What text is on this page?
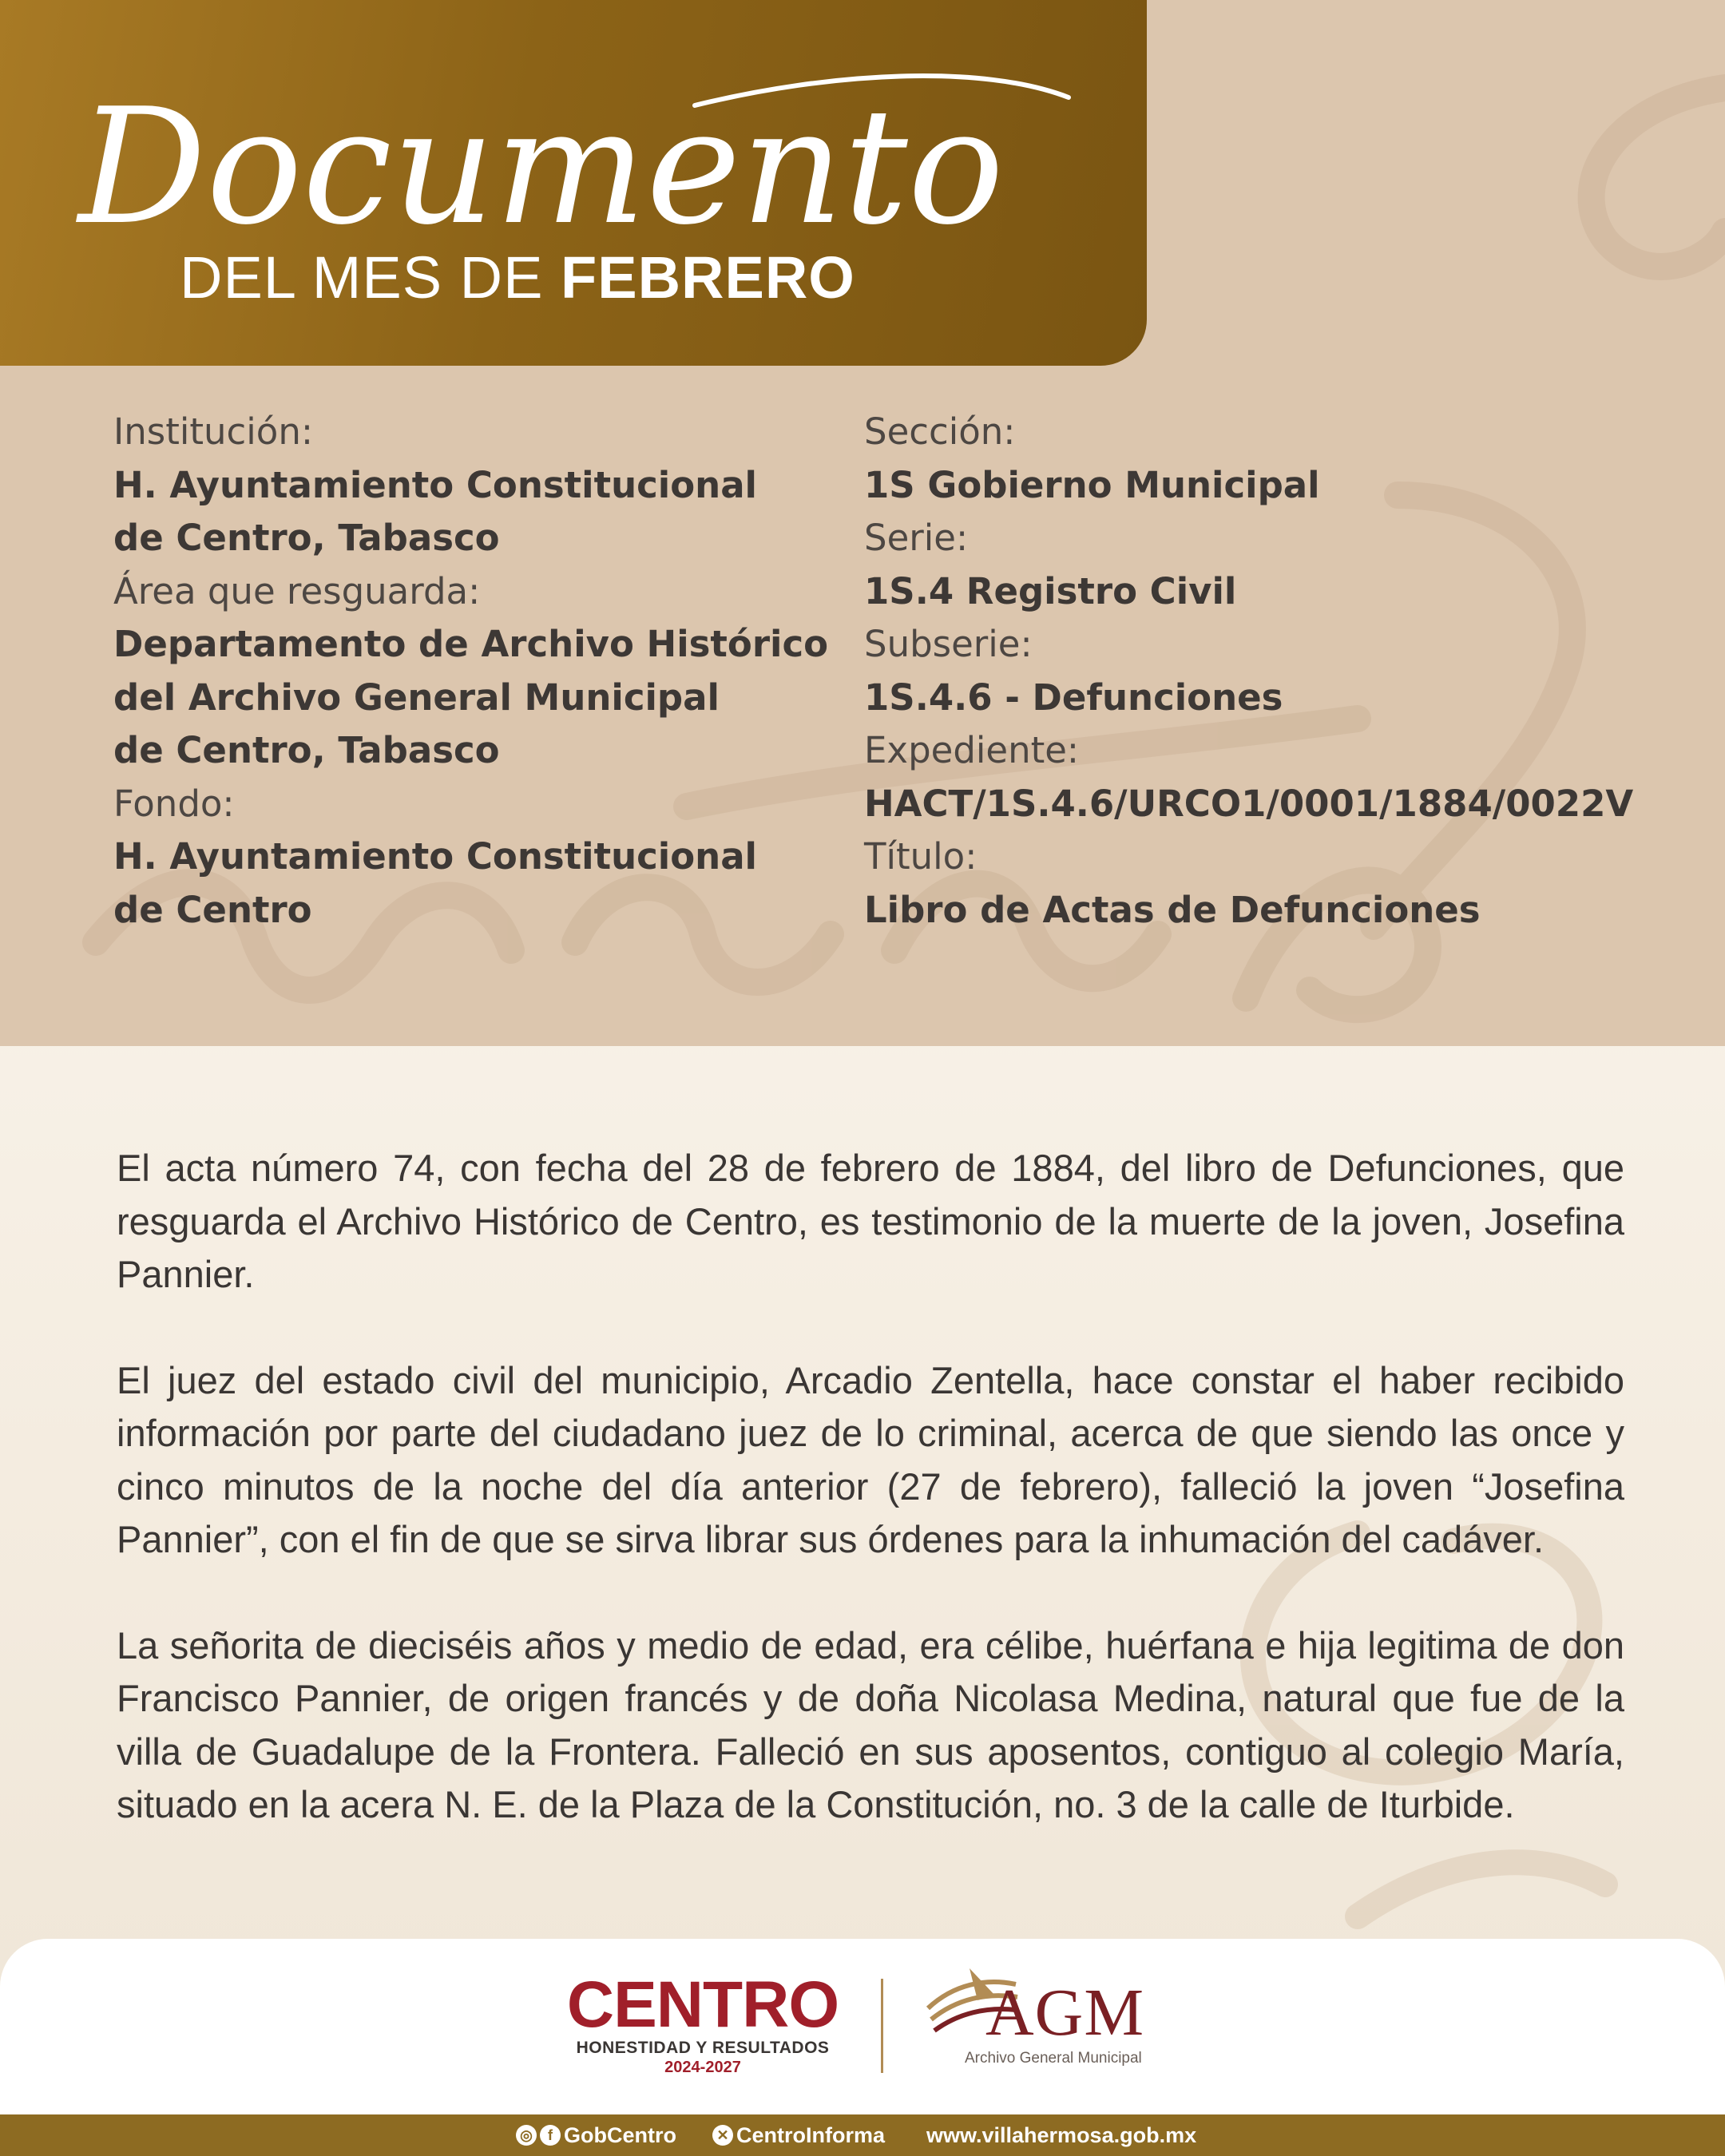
Documento

DEL MES DE FEBRERO

Institución:
H. Ayuntamiento Constitucional
de Centro, Tabasco
Área que resguarda:
Departamento de Archivo Histórico
del Archivo General Municipal
de Centro, Tabasco
Fondo:
H. Ayuntamiento Constitucional
de Centro
Sección:
1S Gobierno Municipal
Serie:
1S.4 Registro Civil
Subserie:
1S.4.6 - Defunciones
Expediente:
HACT/1S.4.6/URCO1/0001/1884/0022V
Título:
Libro de Actas de Defunciones

El acta número 74, con fecha del 28 de febrero de 1884, del libro de Defunciones, que resguarda el Archivo Histórico de Centro, es testimonio de la muerte de la joven, Josefina Pannier.

El juez del estado civil del municipio, Arcadio Zentella, hace constar el haber recibido información por parte del ciudadano juez de lo criminal, acerca de que siendo las once y cinco minutos de la noche del día anterior (27 de febrero), falleció la joven “Josefina Pannier”, con el fin de que se sirva librar sus órdenes para la inhumación del cadáver.

La señorita de dieciséis años y medio de edad, era célibe, huérfana e hija legitima de don Francisco Pannier, de origen francés y de doña Nicolasa Medina, natural que fue de la villa de Guadalupe de la Frontera. Falleció en sus aposentos, contiguo al colegio María, situado en la acera N. E. de la Plaza de la Constitución, no. 3 de la calle de Iturbide.

CENTRO
HONESTIDAD Y RESULTADOS
2024-2027
AGM
Archivo General Municipal
◎	f GobCentro	✕ CentroInforma www.villahermosa.gob.mx
